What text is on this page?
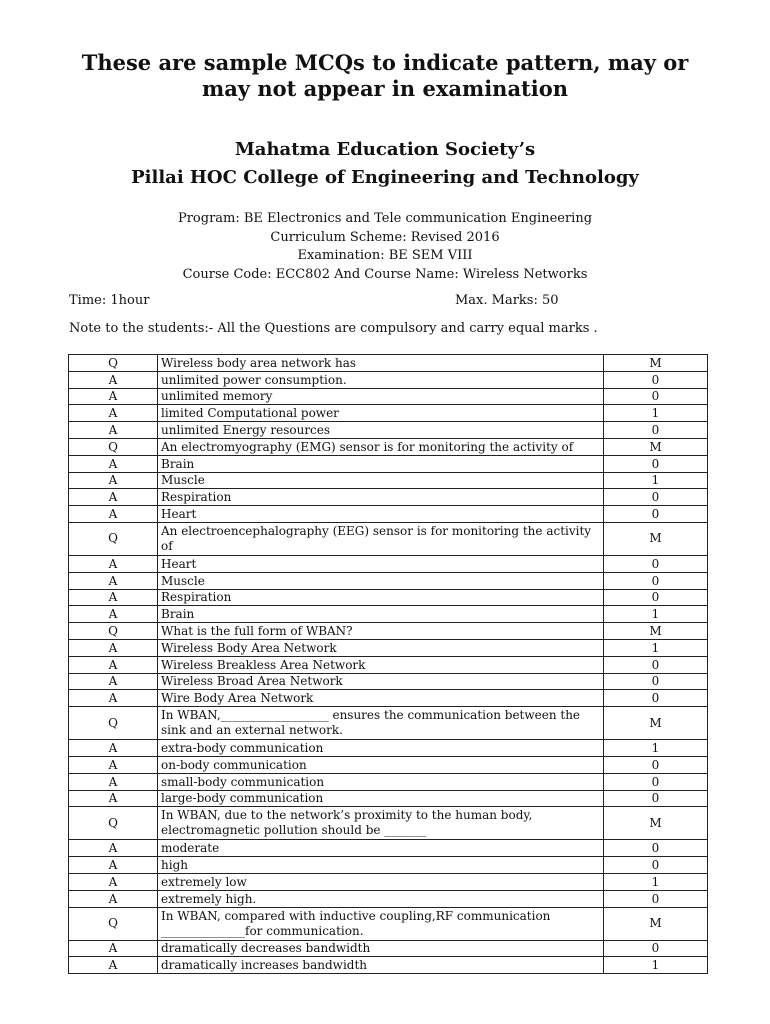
These are sample MCQs to indicate pattern, may or may not appear in examination
Mahatma Education Society’s
Pillai HOC College of Engineering and Technology
Program: BE Electronics and Tele communication Engineering
Curriculum Scheme: Revised 2016
Examination: BE SEM VIII
Course Code: ECC802 And Course Name: Wireless Networks
Time: 1hour	Max. Marks: 50
Note to the students:- All the Questions are compulsory and carry equal marks .
Q	Wireless body area network has	M
A	unlimited power consumption.	0
A	unlimited memory	0
A	limited Computational power	1
A	unlimited Energy resources	0
Q	An electromyography (EMG) sensor is for monitoring the activity of	M
A	Brain	0
A	Muscle	1
A	Respiration	0
A	Heart	0
Q	An electroencephalography (EEG) sensor is for monitoring the activity of	M
A	Heart	0
A	Muscle	0
A	Respiration	0
A	Brain	1
Q	What is the full form of WBAN?	M
A	Wireless Body Area Network	1
A	Wireless Breakless Area Network	0
A	Wireless Broad Area Network	0
A	Wire Body Area Network	0
Q	In WBAN,__________________ ensures the communication between the sink and an external network.	M
A	extra-body communication	1
A	on-body communication	0
A	small-body communication	0
A	large-body communication	0
Q	In WBAN, due to the network’s proximity to the human body, electromagnetic pollution should be _______	M
A	moderate	0
A	high	0
A	extremely low	1
A	extremely high.	0
Q	In WBAN, compared with inductive coupling,RF communication ______________for communication.	M
A	dramatically decreases bandwidth	0
A	dramatically increases bandwidth	1
